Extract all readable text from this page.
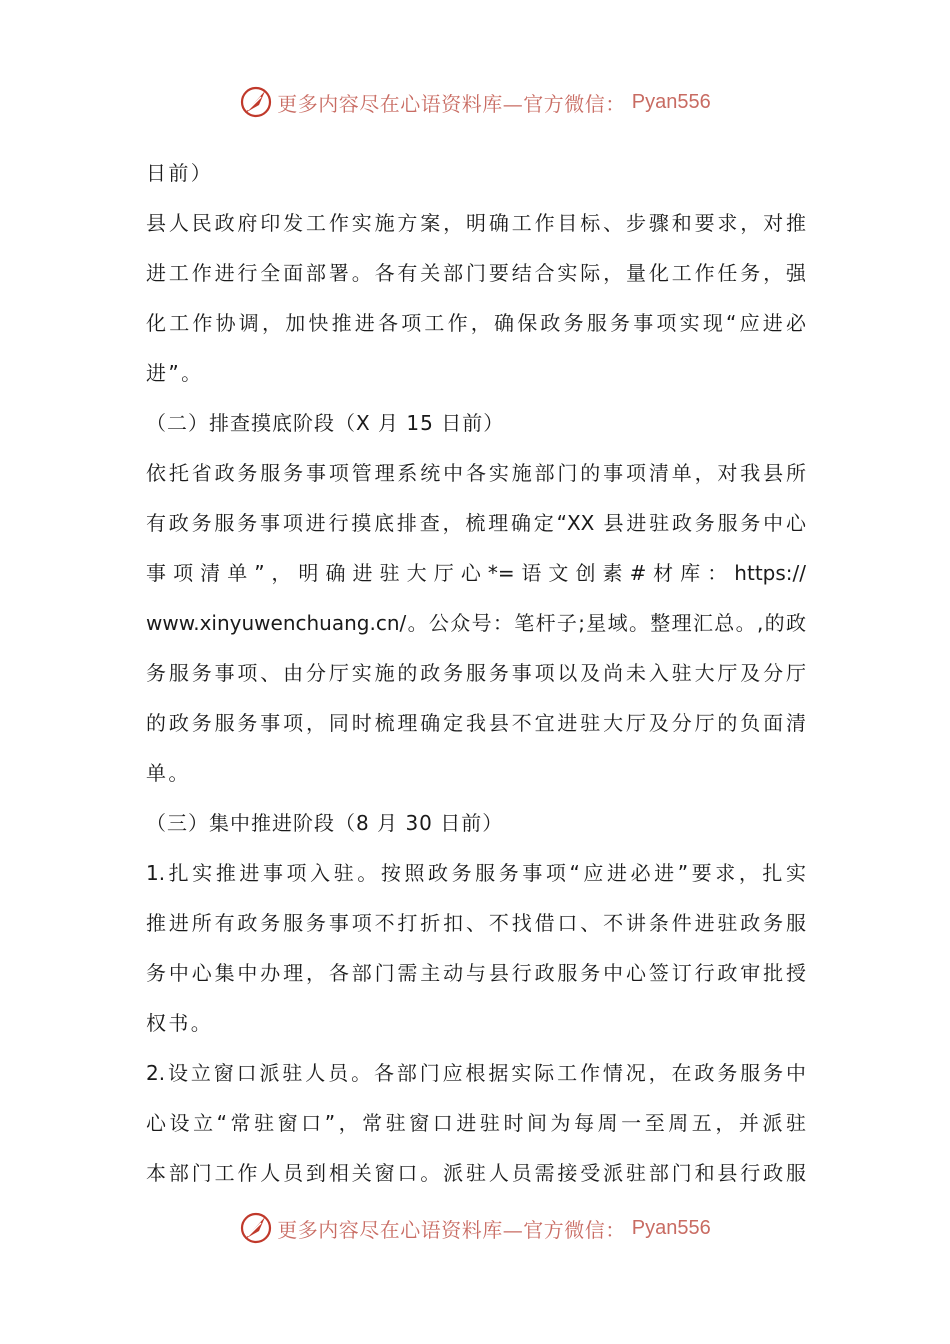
更多内容尽在心语资料库—官方微信： Pyan556
日前）
县人民政府印发工作实施方案，明确工作目标、步骤和要求，对推
进工作进行全面部署。各有关部门要结合实际，量化工作任务，强
化工作协调，加快推进各项工作，确保政务服务事项实现“应进必
进”。
（二）排查摸底阶段（X 月 15 日前）
依托省政务服务事项管理系统中各实施部门的事项清单，对我县所
有政务服务事项进行摸底排查，梳理确定“XX 县进驻政务服务中心
事 项 清 单 ” ， 明 确 进 驻 大 厅 心 *= 语 文 创 素 # 材 库 ： https://
www.xinyuwenchuang.cn/。公众号：笔杆子;星域。整理汇总。,的政
务服务事项、由分厅实施的政务服务事项以及尚未入驻大厅及分厅
的政务服务事项，同时梳理确定我县不宜进驻大厅及分厅的负面清
单。
（三）集中推进阶段（8 月 30 日前）
1.扎实推进事项入驻。按照政务服务事项“应进必进”要求，扎实
推进所有政务服务事项不打折扣、不找借口、不讲条件进驻政务服
务中心集中办理，各部门需主动与县行政服务中心签订行政审批授
权书。
2.设立窗口派驻人员。各部门应根据实际工作情况，在政务服务中
心设立“常驻窗口”，常驻窗口进驻时间为每周一至周五，并派驻
本部门工作人员到相关窗口。派驻人员需接受派驻部门和县行政服
更多内容尽在心语资料库—官方微信： Pyan556
